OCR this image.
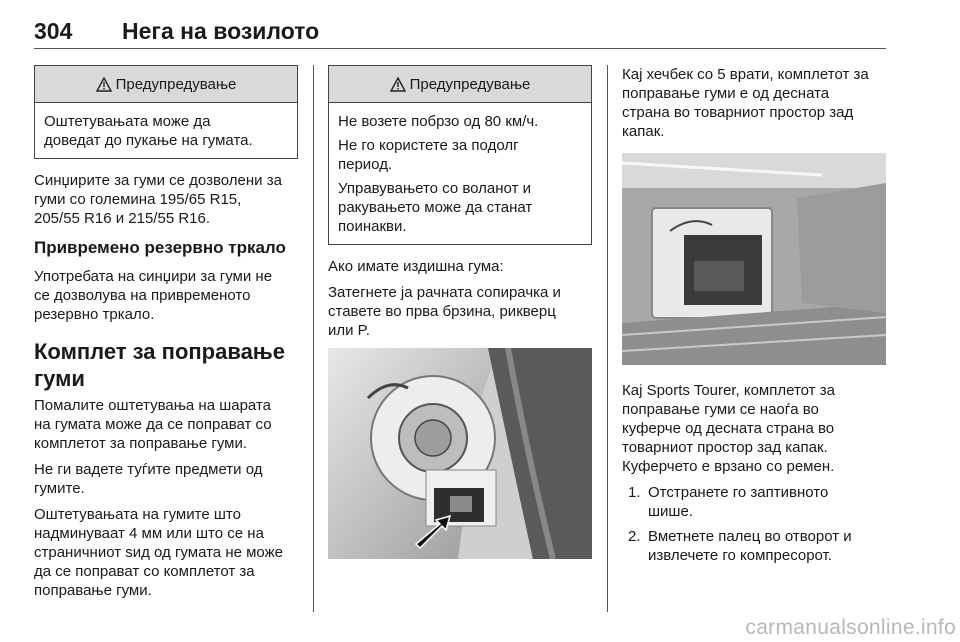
304 Нега на возилото
Предупредување

Оштетувањата може да
доведат до пукање на гумата.

Синџирите за гуми се дозволени за
гуми со големина 195/65 R15,
205/55 R16 и 215/55 R16.

Привремено резервно тркало

Употребата на синџири за гуми не
се дозволува на привременото
резервно тркало.

Комплет за поправање
гуми

Помалите оштетувања на шарата
на гумата може да се поправат со
комплетот за поправање гуми.

Не ги вадете туѓите предмети од
гумите.

Оштетувањата на гумите што
надминуваат 4 мм или што се на
страничниот ѕид од гумата не може
да се поправат со комплетот за
поправање гуми.

Предупредување

Не возете побрзо од 80 км/ч.

Не го користете за подолг
период.

Управувањето со воланот и
ракувањето може да станат
поинакви.

Ако имате издишна гума:

Затегнете ја рачната сопирачка и
ставете во прва брзина, рикверц
или P.

Кај хечбек со 5 врати, комплетот за
поправање гуми е од десната
страна во товарниот простор зад
капак.

Кај Sports Tourer, комплетот за
поправање гуми се наоѓа во
куферче од десната страна во
товарниот простор зад капак.
Куферчето е врзано со ремен.

1. Отстранете го заптивното
шише.
2. Вметнете палец во отворот и
извлечете го компресорот.
carmanualsonline.info
